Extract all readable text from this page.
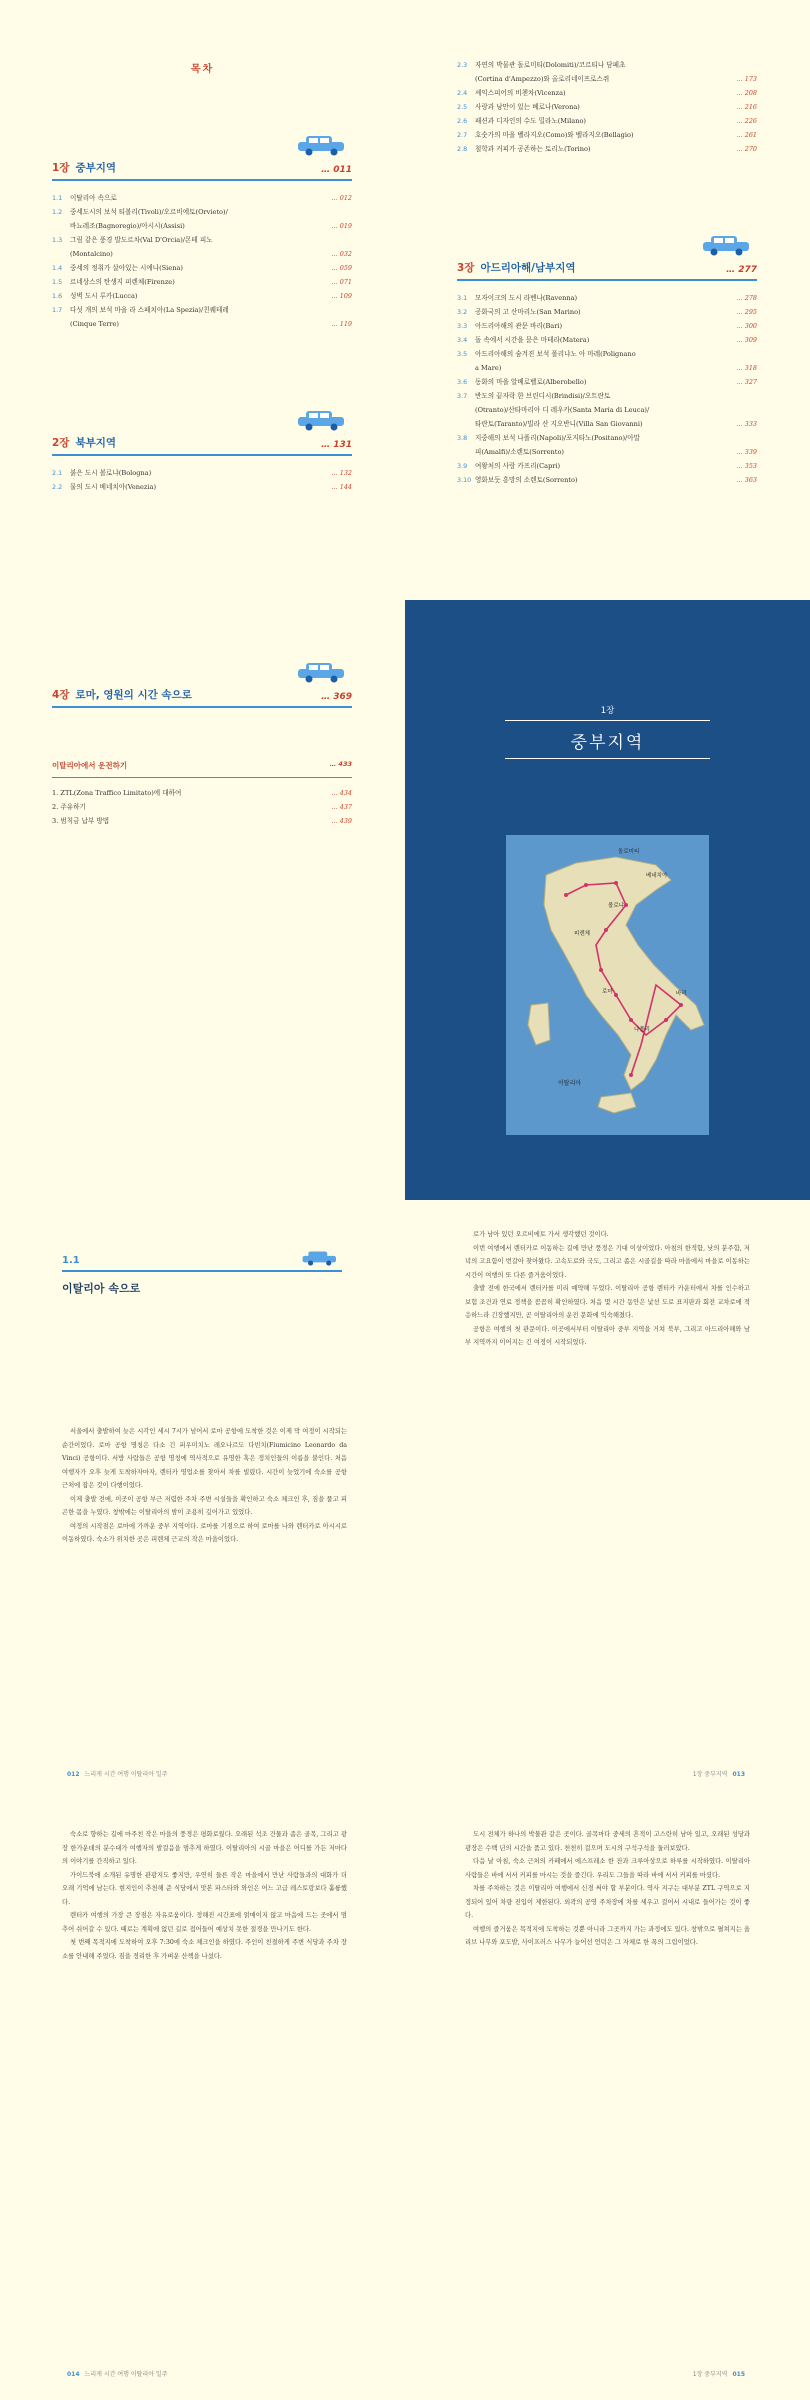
목차
1장 중부지역	… 011
1.1	이탈리아 속으로	… 012
1.2	중세도시의 보석 티볼리(Tivoli)/오르비에토(Orvieto)/
바뇨레조(Bagnoregio)/아시시(Assisi)	… 019
1.3	그림 같은 풍경 발도르차(Val D'Orcia)/몬테 피노
(Montalcino)	… 032
1.4	중세의 정취가 살아있는 시에나(Siena)	… 059
1.5	르네상스의 탄생지 피렌체(Firenze)	… 071
1.6	성벽 도시 루카(Lucca)	… 109
1.7	다섯 개의 보석 마을 라 스페치아(La Spezia)/친퀘테레
(Cinque Terre)	… 119
2장 북부지역	… 131
2.1	붉은 도시 볼로냐(Bologna)	… 132
2.2	물의 도시 베네치아(Venezia)	… 144
4장 로마, 영원의 시간 속으로	… 369
이탈리아에서 운전하기	… 433
1. ZTL(Zona Traffico Limitato)에 대하여	… 434
2. 주유하기	… 437
3. 범칙금 납부 방법	… 439
2.3	자연의 박물관 돌로미티(Dolomiti)/코르티나 담페초
(Cortina d'Ampezzo)와 올로리네이프로스쥐	… 173
2.4	셰익스피어의 비첸차(Vicenza)	… 208
2.5	사랑과 낭만이 있는 베로나(Verona)	… 216
2.6	패션과 디자인의 수도 밀라노(Milano)	… 226
2.7	호숫가의 마을 벨라지오(Como)와 벨라지오(Bellagio)	… 261
2.8	철학과 커피가 공존하는 토리노(Torino)	… 270
3장 아드리아해/남부지역	… 277
3.1	모자이크의 도시 라벤나(Ravenna)	… 278
3.2	공화국의 고 산마리노(San Marino)	… 295
3.3	아드리아해의 관문 바리(Bari)	… 300
3.4	돌 속에서 시간을 묻은 마테라(Matera)	… 309
3.5	아드리아해의 숨겨진 보석 폴리냐노 아 마레(Polignano
a Mare)	… 318
3.6	동화의 마을 알베로벨로(Alberobello)	… 327
3.7	반도의 끝자락 한 브린디시(Brindisi)/오트란토
(Otranto)/산타마리아 디 레우카(Santa Maria di Leuca)/
타란토(Taranto)/빌라 산 지오반니(Villa San Giovanni)	… 333
3.8	지중해의 보석 나폴리(Napoli)/포지타노(Positano)/아말
피(Amalfi)/소렌토(Sorrento)	… 339
3.9	여왕처의 사랑 카프리(Capri)	… 353
3.10 영화보듯 흥망의 소렌토(Sorrento)	… 363
1장
중부지역
돌로미티
베네치아
볼로냐
피렌체
로마
나폴리
바리
이탈리아
1.1
이탈리아 속으로

서울에서 출발하여 늦은 시각인 세시 7시가 넘어서 로마 공항에 도착한 것은 이제 막 여정이 시작되는 순간이었다. 로마 공항 명칭은 다소 긴 피우미치노 레오나르도 다빈치(Fiumicino Leonardo da Vinci) 공항이다. 서방 사람들은 공항 명칭에 역사적으로 유명한 혹은 정치인들의 이름을 붙인다. 처음 여행자가 오후 늦게 도착하자마자, 렌터카 영업소를 찾아서 차를 빌렸다. 시간이 늦었기에 숙소를 공항 근처에 잡은 것이 다행이었다.

이제 출발 전에, 이곳이 공항 부근 저렴한 주차 주변 시설들을 확인하고 숙소 체크인 후, 짐을 풀고 피곤한 몸을 누였다. 창밖에는 이탈리아의 밤이 조용히 깊어가고 있었다.

여정의 시작점은 로마에 가까운 중부 지역이다. 로마를 기점으로 하여 로마를 나와 렌터카로 아시시로 이동하였다. 숙소가 위치한 곳은 피렌체 근교의 작은 마을이었다.

012 느리게 시간 여행 이탈리아 일주

로가 남아 있던 오르비에토 가서 생각했던 것이다.

이번 여행에서 렌터카로 이동하는 길에 만난 풍경은 기대 이상이었다. 아침의 한적함, 낮의 분주함, 저녁의 고요함이 번갈아 찾아왔다. 고속도로와 국도, 그리고 좁은 시골길을 따라 마을에서 마을로 이동하는 시간이 여행의 또 다른 즐거움이었다.

출발 전에 한국에서 렌터카를 미리 예약해 두었다. 이탈리아 공항 렌터카 카운터에서 차를 인수하고 보험 조건과 연료 정책을 꼼꼼히 확인하였다. 처음 몇 시간 동안은 낯선 도로 표지판과 회전 교차로에 적응하느라 긴장했지만, 곧 이탈리아의 운전 문화에 익숙해졌다.

공항은 여행의 첫 관문이다. 이곳에서부터 이탈리아 중부 지역을 거쳐 북부, 그리고 아드리아해와 남부 지역까지 이어지는 긴 여정이 시작되었다.

1장 중부지역 013

숙소로 향하는 길에 마주친 작은 마을의 풍경은 평화로웠다. 오래된 석조 건물과 좁은 골목, 그리고 광장 한가운데의 분수대가 여행자의 발걸음을 멈추게 하였다. 이탈리아의 시골 마을은 어디를 가든 저마다의 이야기를 간직하고 있다.

가이드북에 소개된 유명한 관광지도 좋지만, 우연히 들른 작은 마을에서 만난 사람들과의 대화가 더 오래 기억에 남는다. 현지인이 추천해 준 식당에서 맛본 파스타와 와인은 어느 고급 레스토랑보다 훌륭했다.

렌터카 여행의 가장 큰 장점은 자유로움이다. 정해진 시간표에 얽매이지 않고 마음에 드는 곳에서 멈추어 쉬어갈 수 있다. 때로는 계획에 없던 길로 접어들어 예상치 못한 절경을 만나기도 한다.

첫 번째 목적지에 도착하여 오후 7:30에 숙소 체크인을 하였다. 주인이 친절하게 주변 식당과 주차 장소를 안내해 주었다. 짐을 정리한 후 가벼운 산책을 나섰다.

014 느리게 시간 여행 이탈리아 일주

도시 전체가 하나의 박물관 같은 곳이다. 골목마다 중세의 흔적이 고스란히 남아 있고, 오래된 성당과 광장은 수백 년의 시간을 품고 있다. 천천히 걸으며 도시의 구석구석을 둘러보았다.

다음 날 아침, 숙소 근처의 카페에서 에스프레소 한 잔과 크루아상으로 하루를 시작하였다. 이탈리아 사람들은 바에 서서 커피를 마시는 것을 즐긴다. 우리도 그들을 따라 바에 서서 커피를 마셨다.

차를 주차하는 것은 이탈리아 여행에서 신경 써야 할 부분이다. 역사 지구는 대부분 ZTL 구역으로 지정되어 있어 차량 진입이 제한된다. 외곽의 공영 주차장에 차를 세우고 걸어서 시내로 들어가는 것이 좋다.

여행의 즐거움은 목적지에 도착하는 것뿐 아니라 그곳까지 가는 과정에도 있다. 창밖으로 펼쳐지는 올리브 나무와 포도밭, 사이프러스 나무가 늘어선 언덕은 그 자체로 한 폭의 그림이었다.

1장 중부지역 015
